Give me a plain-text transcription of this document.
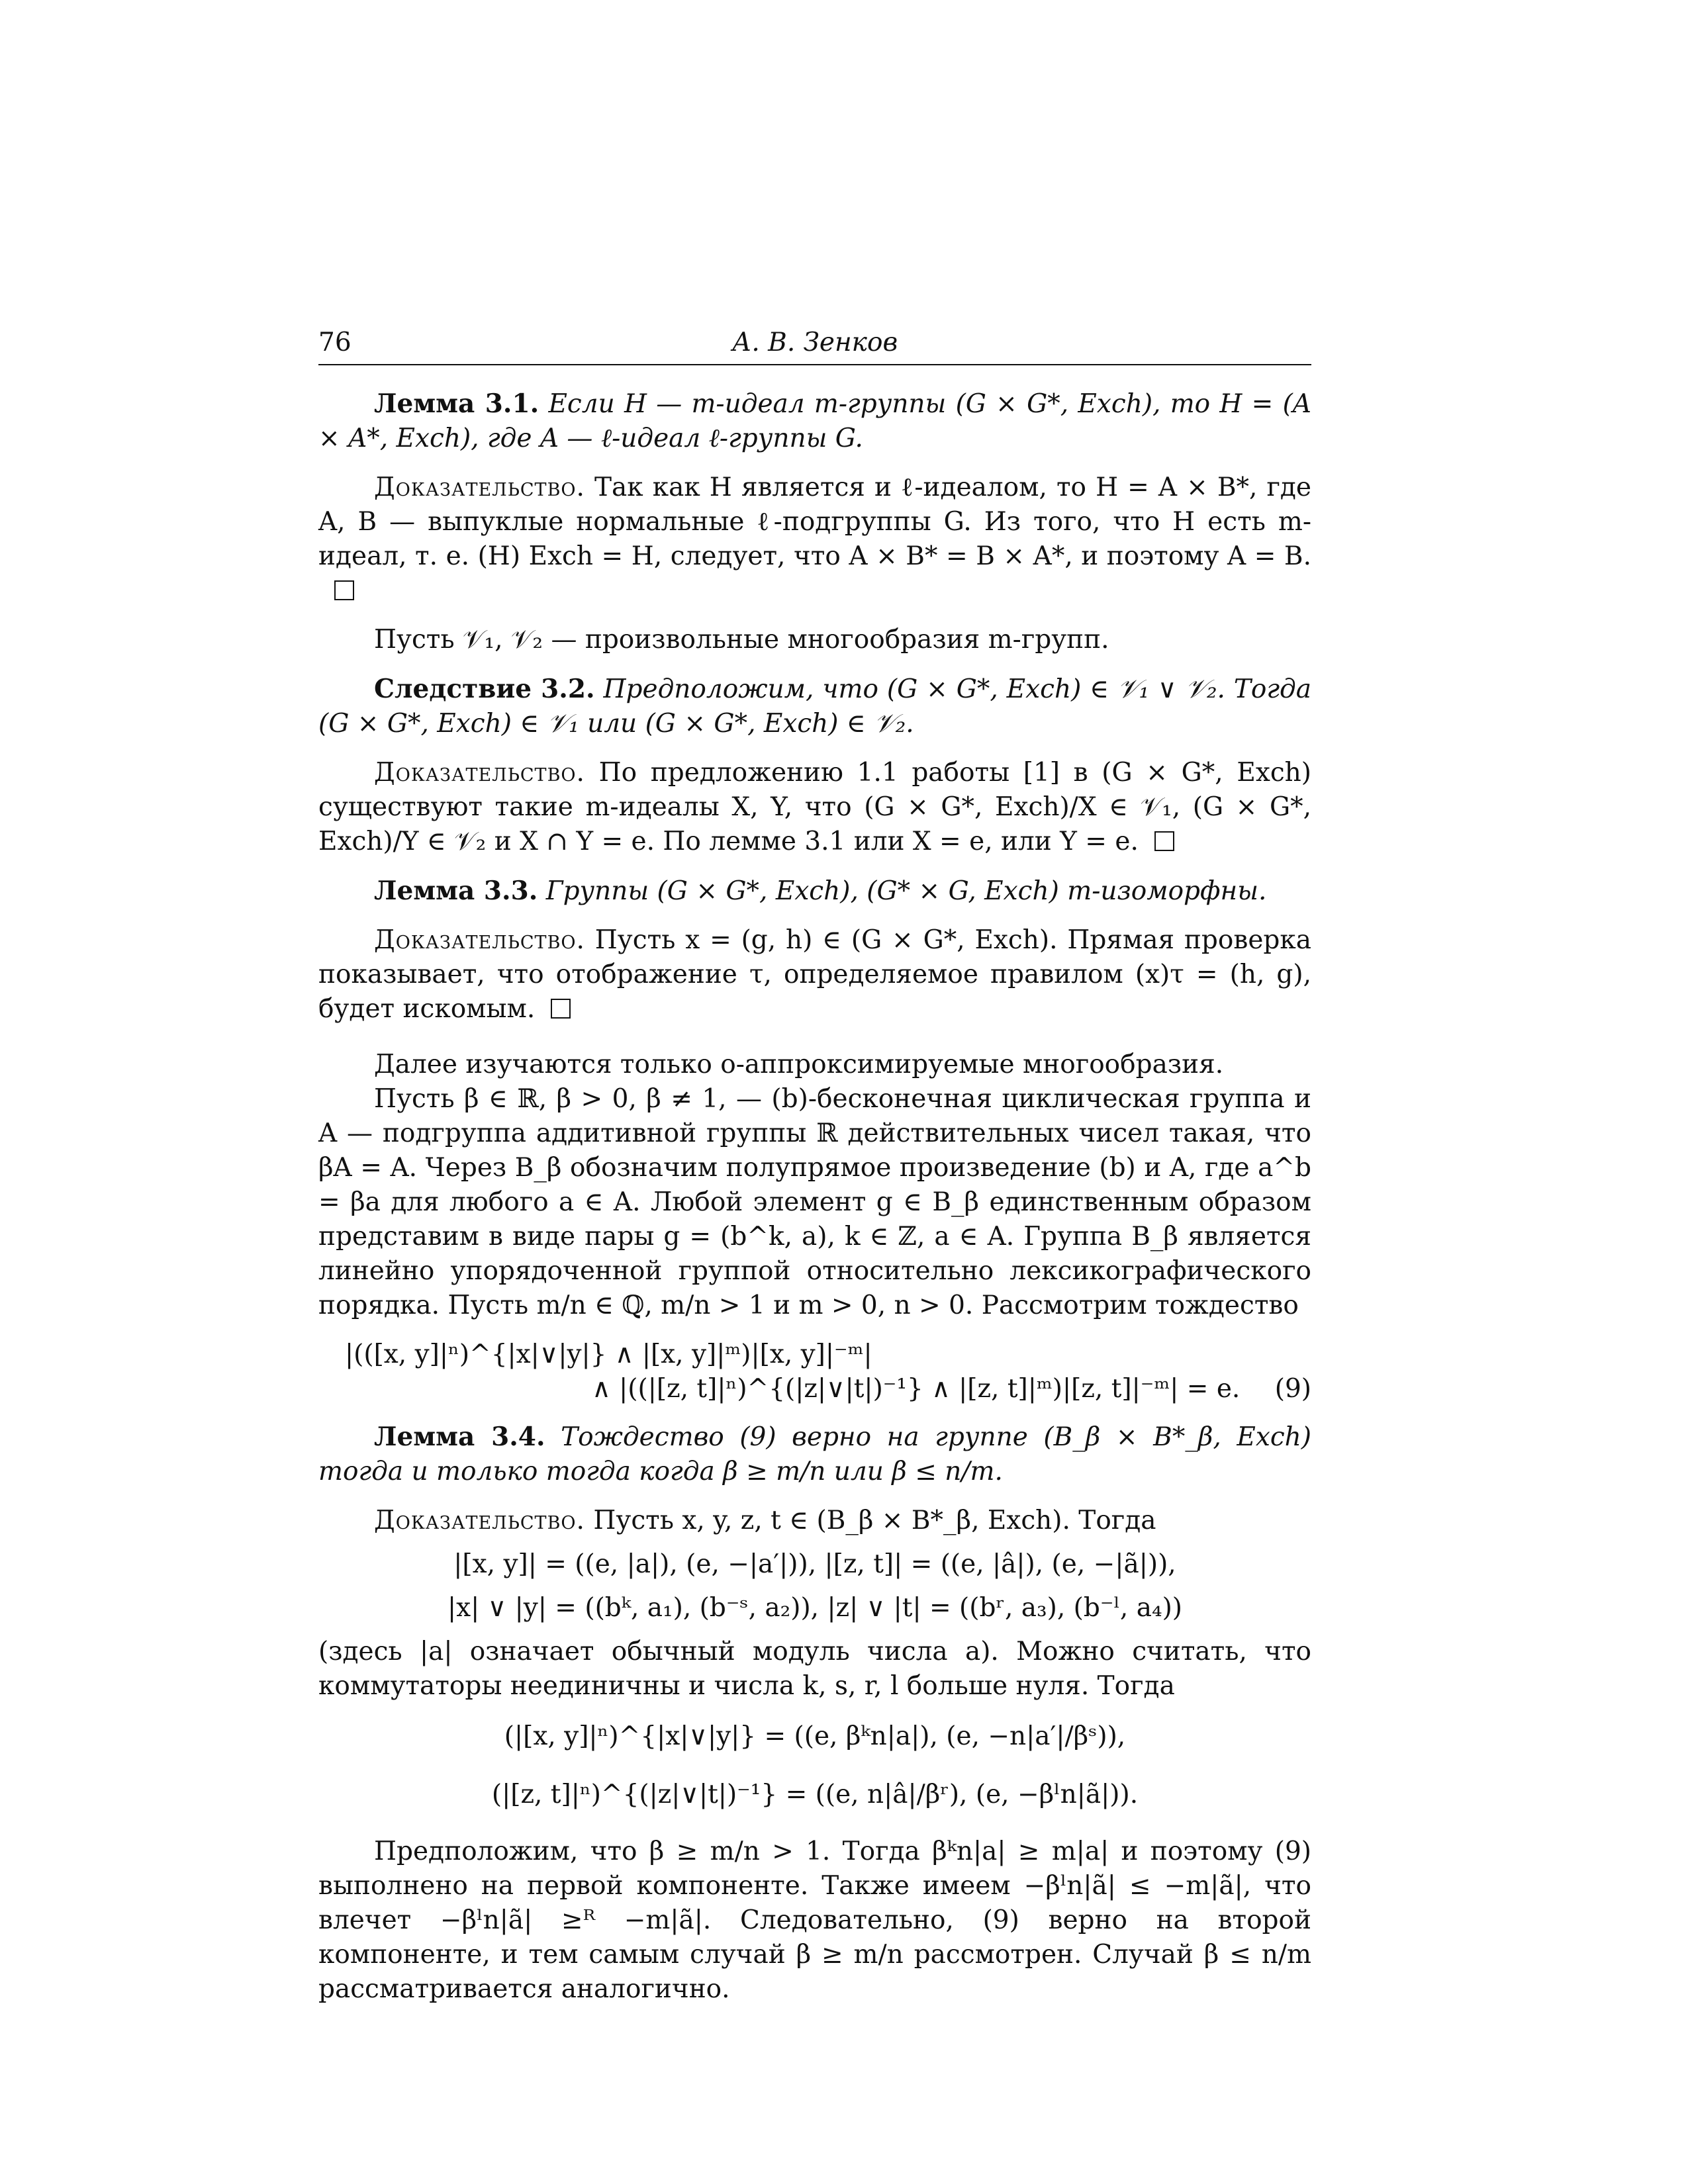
76	А. В. Зенков

Лемма 3.1. Если H — m-идеал m-группы (G × G*, Exch), то H = (A × A*, Exch), где A — ℓ-идеал ℓ-группы G.

Доказательство. Так как H является и ℓ-идеалом, то H = A × B*, где A, B — выпуклые нормальные ℓ-подгруппы G. Из того, что H есть m-идеал, т. е. (H) Exch = H, следует, что A × B* = B × A*, и поэтому A = B.

Пусть 𝒱₁, 𝒱₂ — произвольные многообразия m-групп.

Следствие 3.2. Предположим, что (G × G*, Exch) ∈ 𝒱₁ ∨ 𝒱₂. Тогда (G × G*, Exch) ∈ 𝒱₁ или (G × G*, Exch) ∈ 𝒱₂.

Доказательство. По предложению 1.1 работы [1] в (G × G*, Exch) существуют такие m-идеалы X, Y, что (G × G*, Exch)/X ∈ 𝒱₁, (G × G*, Exch)/Y ∈ 𝒱₂ и X ∩ Y = e. По лемме 3.1 или X = e, или Y = e.

Лемма 3.3. Группы (G × G*, Exch), (G* × G, Exch) m-изоморфны.

Доказательство. Пусть x = (g, h) ∈ (G × G*, Exch). Прямая проверка показывает, что отображение τ, определяемое правилом (x)τ = (h, g), будет искомым.

Далее изучаются только o-аппроксимируемые многообразия.

Пусть β ∈ ℝ, β > 0, β ≠ 1, — (b)-бесконечная циклическая группа и A — подгруппа аддитивной группы ℝ действительных чисел такая, что βA = A. Через B_β обозначим полупрямое произведение (b) и A, где a^b = βa для любого a ∈ A. Любой элемент g ∈ B_β единственным образом представим в виде пары g = (b^k, a), k ∈ ℤ, a ∈ A. Группа B_β является линейно упорядоченной группой относительно лексикографического порядка. Пусть m/n ∈ ℚ, m/n > 1 и m > 0, n > 0. Рассмотрим тождество

|(([x, y]|ⁿ)^{|x|∨|y|} ∧ |[x, y]|ᵐ)|[x, y]|⁻ᵐ|
∧ |((|[z, t]|ⁿ)^{(|z|∨|t|)⁻¹} ∧ |[z, t]|ᵐ)|[z, t]|⁻ᵐ| = e. (9)

Лемма 3.4. Тождество (9) верно на группе (B_β × B*_β, Exch) тогда и только тогда когда β ≥ m/n или β ≤ n/m.

Доказательство. Пусть x, y, z, t ∈ (B_β × B*_β, Exch). Тогда

|[x, y]| = ((e, |a|), (e, −|a′|)), |[z, t]| = ((e, |â|), (e, −|ã|)),
|x| ∨ |y| = ((bᵏ, a₁), (b⁻ˢ, a₂)), |z| ∨ |t| = ((bʳ, a₃), (b⁻ˡ, a₄))

(здесь |a| означает обычный модуль числа a). Можно считать, что коммутаторы неединичны и числа k, s, r, l больше нуля. Тогда

(|[x, y]|ⁿ)^{|x|∨|y|} = ((e, βᵏn|a|), (e, −n|a′|/βˢ)),
(|[z, t]|ⁿ)^{(|z|∨|t|)⁻¹} = ((e, n|â|/βʳ), (e, −βˡn|ã|)).

Предположим, что β ≥ m/n > 1. Тогда βᵏn|a| ≥ m|a| и поэтому (9) выполнено на первой компоненте. Также имеем −βˡn|ã| ≤ −m|ã|, что влечет −βˡn|ã| ≥ᴿ −m|ã|. Следовательно, (9) верно на второй компоненте, и тем самым случай β ≥ m/n рассмотрен. Случай β ≤ n/m рассматривается аналогично.
